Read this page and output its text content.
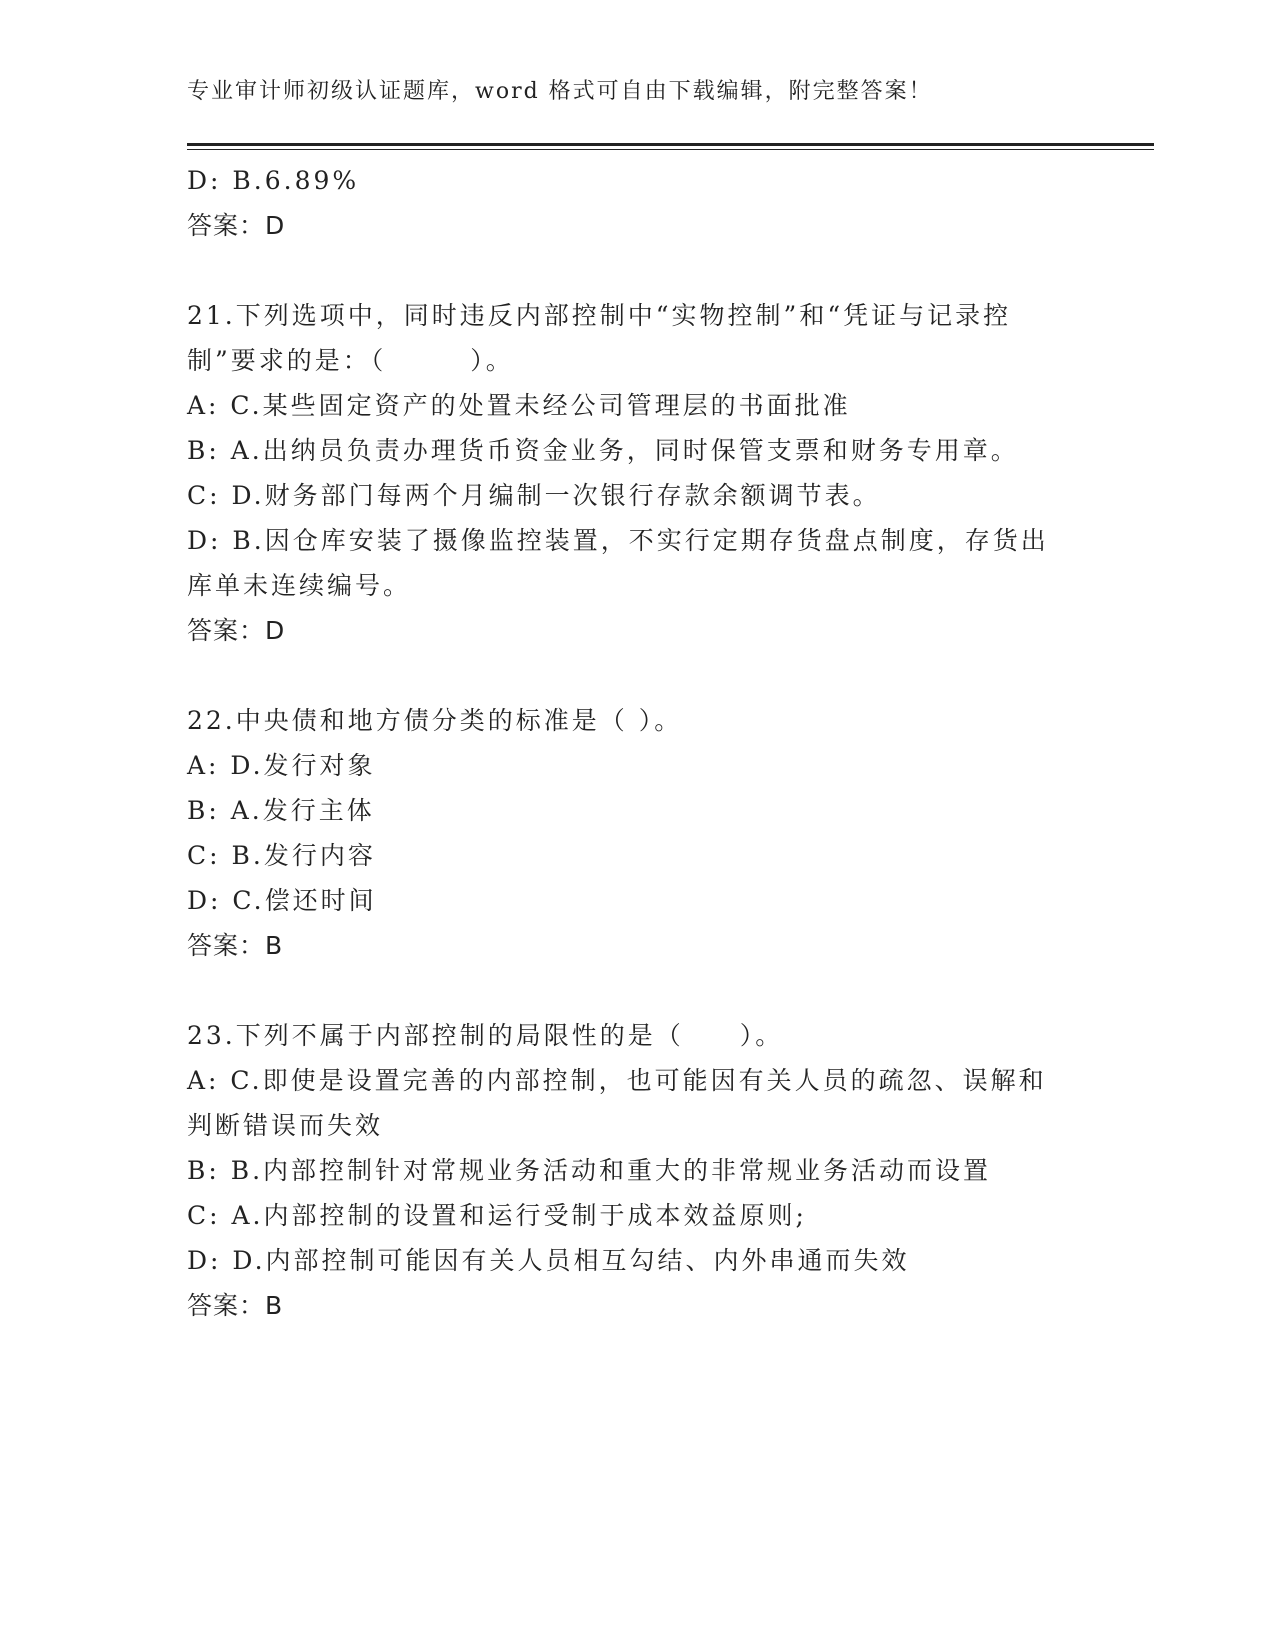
专业审计师初级认证题库，word 格式可自由下载编辑，附完整答案！
D: B.6.89%
答案：D
21.下列选项中，同时违反内部控制中“实物控制”和“凭证与记录控
制”要求的是：（　　　）。
A: C.某些固定资产的处置未经公司管理层的书面批准
B: A.出纳员负责办理货币资金业务，同时保管支票和财务专用章。
C: D.财务部门每两个月编制一次银行存款余额调节表。
D: B.因仓库安装了摄像监控装置，不实行定期存货盘点制度，存货出
库单未连续编号。
答案：D
22.中央债和地方债分类的标准是（ ）。
A: D.发行对象
B: A.发行主体
C: B.发行内容
D: C.偿还时间
答案：B
23.下列不属于内部控制的局限性的是（　　）。
A: C.即使是设置完善的内部控制，也可能因有关人员的疏忽、误解和
判断错误而失效
B: B.内部控制针对常规业务活动和重大的非常规业务活动而设置
C: A.内部控制的设置和运行受制于成本效益原则;
D: D.内部控制可能因有关人员相互勾结、内外串通而失效
答案：B
